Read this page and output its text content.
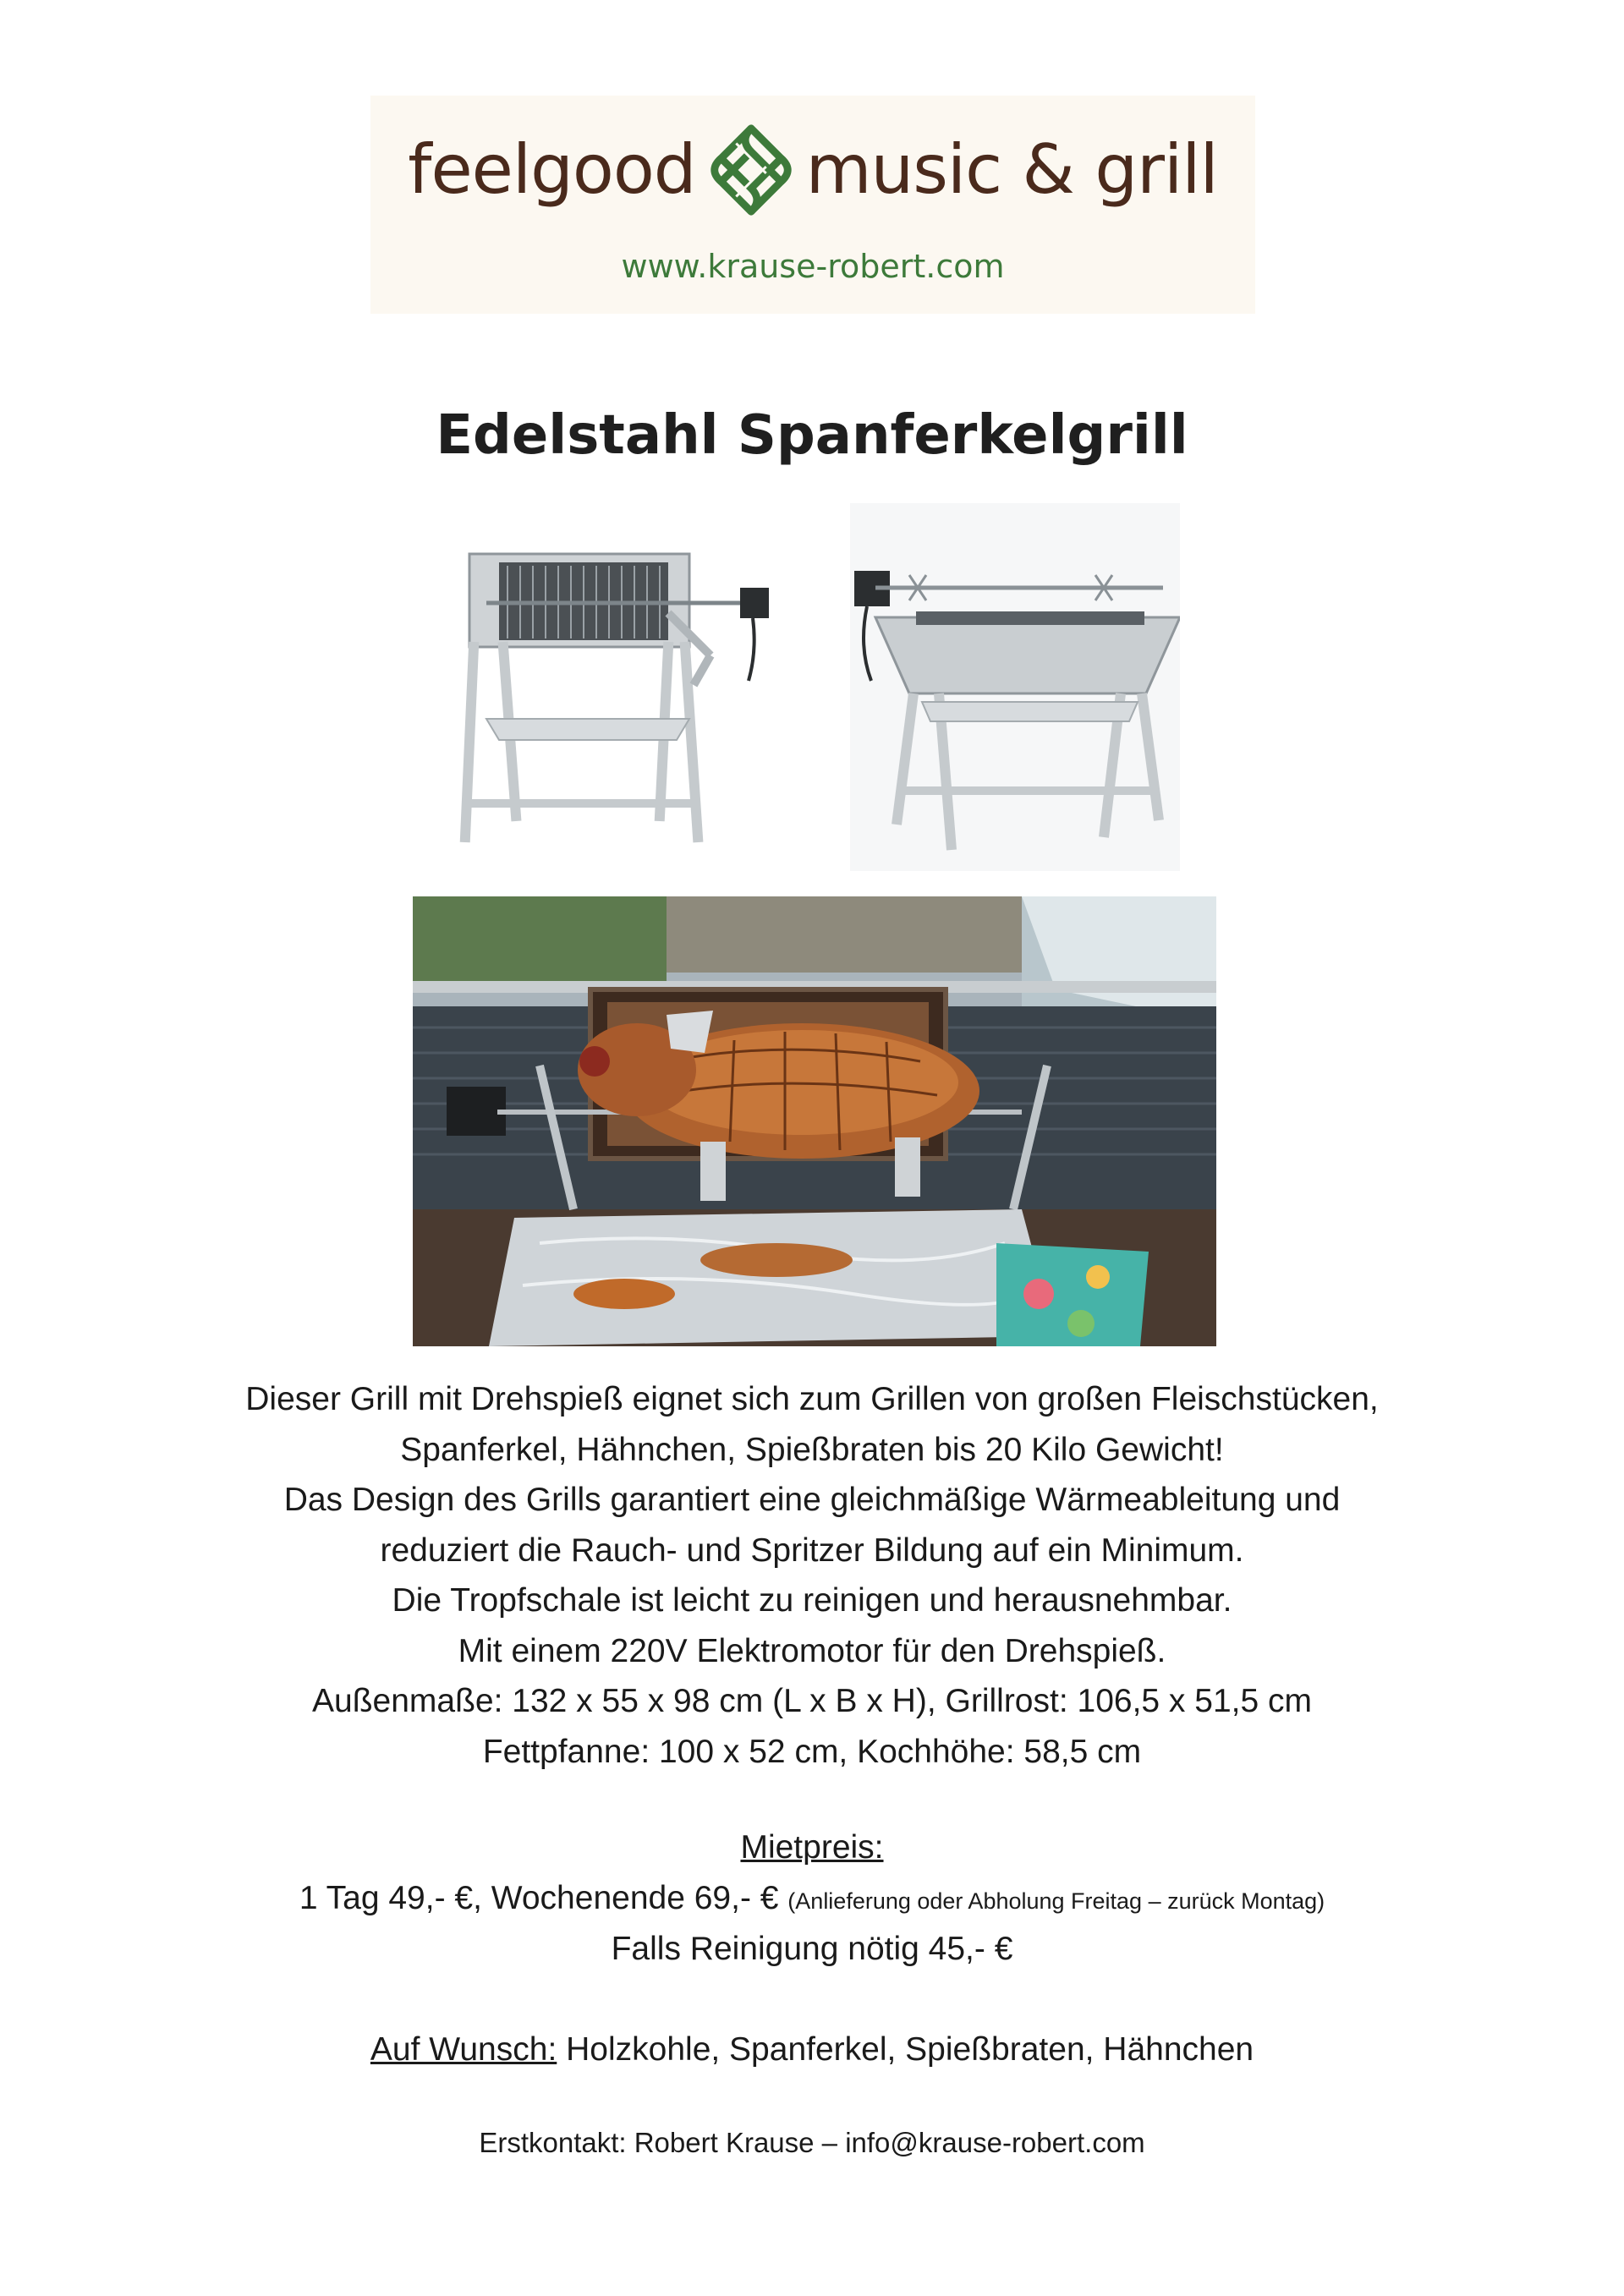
feelgood music & grill
www.krause-robert.com
Edelstahl Spanferkelgrill
Dieser Grill mit Drehspieß eignet sich zum Grillen von großen Fleischstücken,
Spanferkel, Hähnchen, Spießbraten bis 20 Kilo Gewicht!
Das Design des Grills garantiert eine gleichmäßige Wärmeableitung und
reduziert die Rauch- und Spritzer Bildung auf ein Minimum.
Die Tropfschale ist leicht zu reinigen und herausnehmbar.
Mit einem 220V Elektromotor für den Drehspieß.
Außenmaße: 132 x 55 x 98 cm (L x B x H), Grillrost: 106,5 x 51,5 cm
Fettpfanne: 100 x 52 cm, Kochhöhe: 58,5 cm
Mietpreis:
1 Tag 49,- €, Wochenende 69,- € (Anlieferung oder Abholung Freitag – zurück Montag)
Falls Reinigung nötig 45,- €
Auf Wunsch: Holzkohle, Spanferkel, Spießbraten, Hähnchen
Erstkontakt: Robert Krause – info@krause-robert.com
